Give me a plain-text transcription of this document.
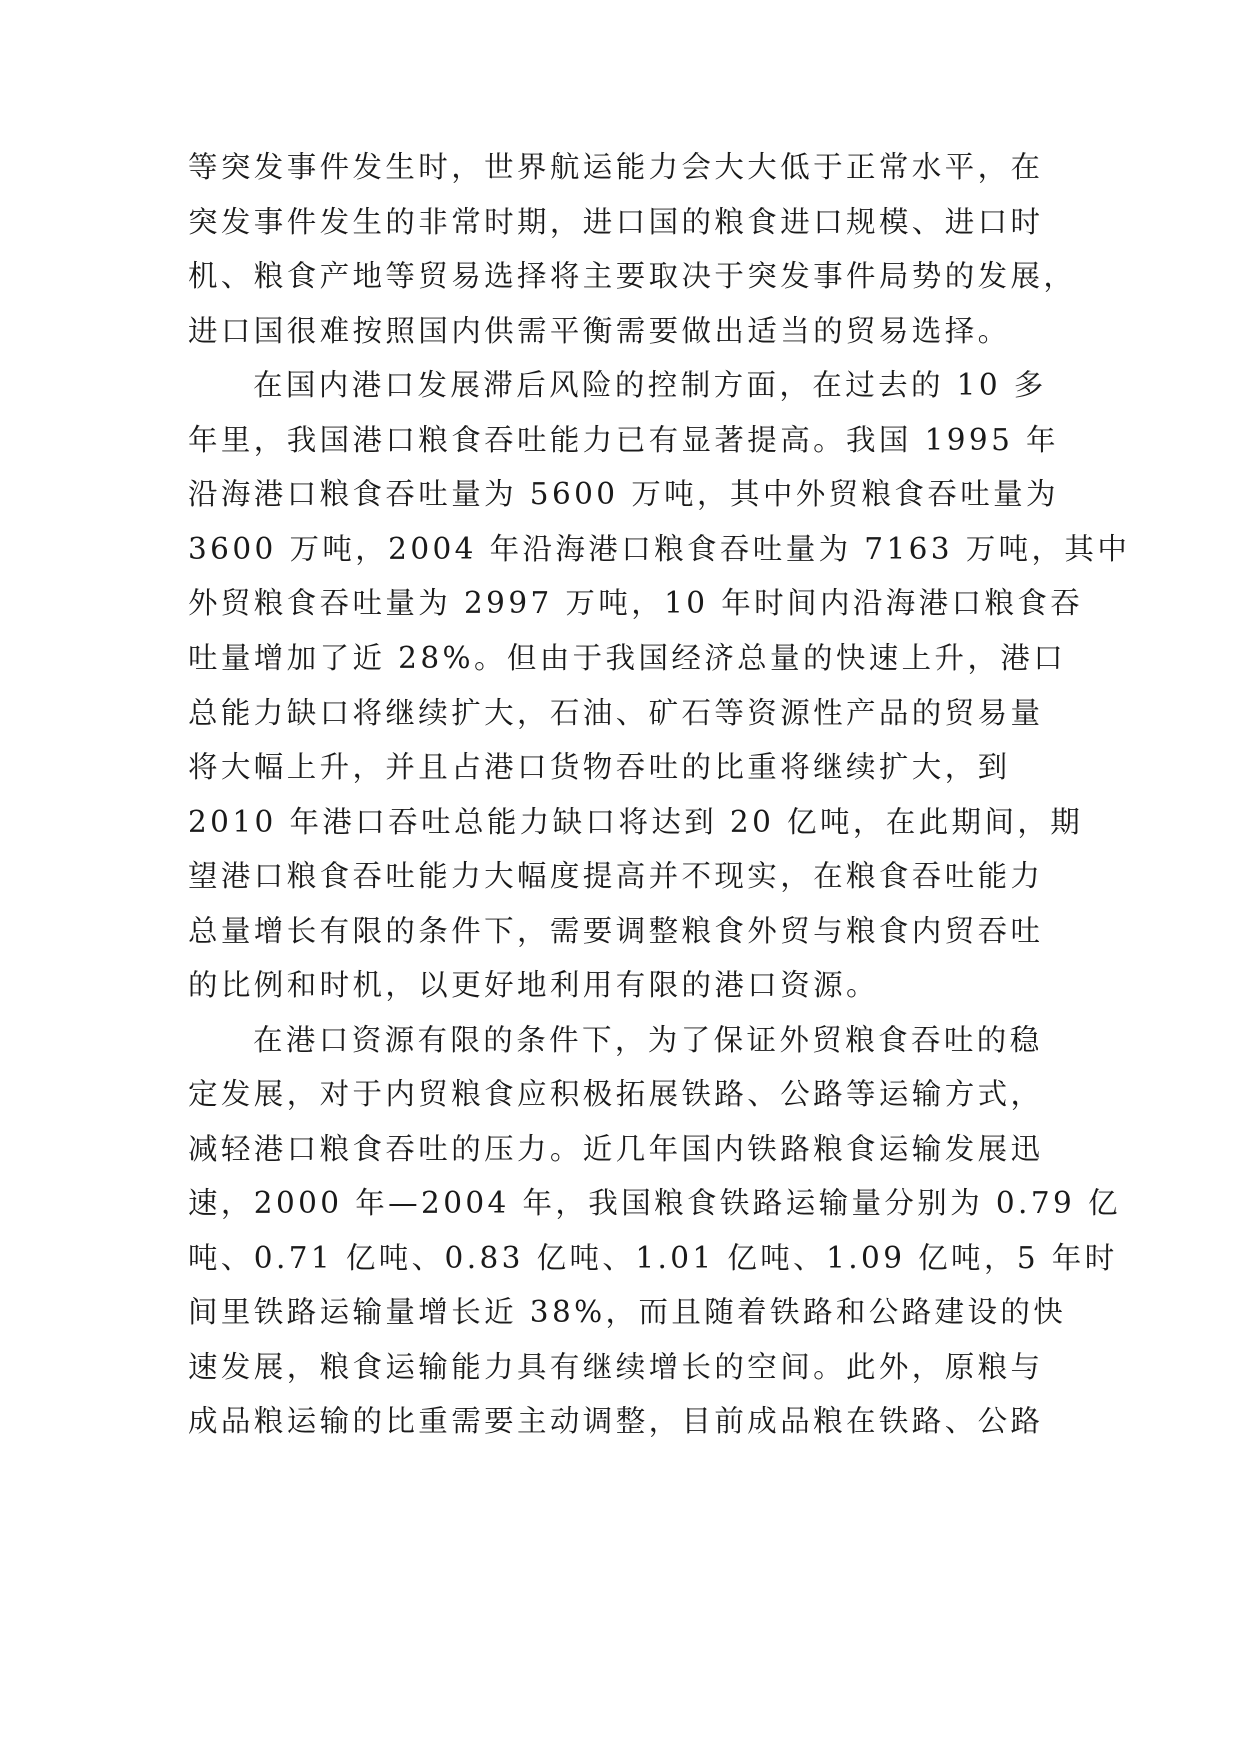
等突发事件发生时，世界航运能力会大大低于正常水平，在

突发事件发生的非常时期，进口国的粮食进口规模、进口时

机、粮食产地等贸易选择将主要取决于突发事件局势的发展，

进口国很难按照国内供需平衡需要做出适当的贸易选择。

在国内港口发展滞后风险的控制方面，在过去的 10 多

年里，我国港口粮食吞吐能力已有显著提高。我国 1995 年

沿海港口粮食吞吐量为 5600 万吨，其中外贸粮食吞吐量为

3600 万吨，2004 年沿海港口粮食吞吐量为 7163 万吨，其中

外贸粮食吞吐量为 2997 万吨，10 年时间内沿海港口粮食吞

吐量增加了近 28%。但由于我国经济总量的快速上升，港口

总能力缺口将继续扩大，石油、矿石等资源性产品的贸易量

将大幅上升，并且占港口货物吞吐的比重将继续扩大，到

2010 年港口吞吐总能力缺口将达到 20 亿吨，在此期间，期

望港口粮食吞吐能力大幅度提高并不现实，在粮食吞吐能力

总量增长有限的条件下，需要调整粮食外贸与粮食内贸吞吐

的比例和时机，以更好地利用有限的港口资源。

在港口资源有限的条件下，为了保证外贸粮食吞吐的稳

定发展，对于内贸粮食应积极拓展铁路、公路等运输方式，

减轻港口粮食吞吐的压力。近几年国内铁路粮食运输发展迅

速，2000 年—2004 年，我国粮食铁路运输量分别为 0.79 亿

吨、0.71 亿吨、0.83 亿吨、1.01 亿吨、1.09 亿吨，5 年时

间里铁路运输量增长近 38%，而且随着铁路和公路建设的快

速发展，粮食运输能力具有继续增长的空间。此外，原粮与

成品粮运输的比重需要主动调整，目前成品粮在铁路、公路
